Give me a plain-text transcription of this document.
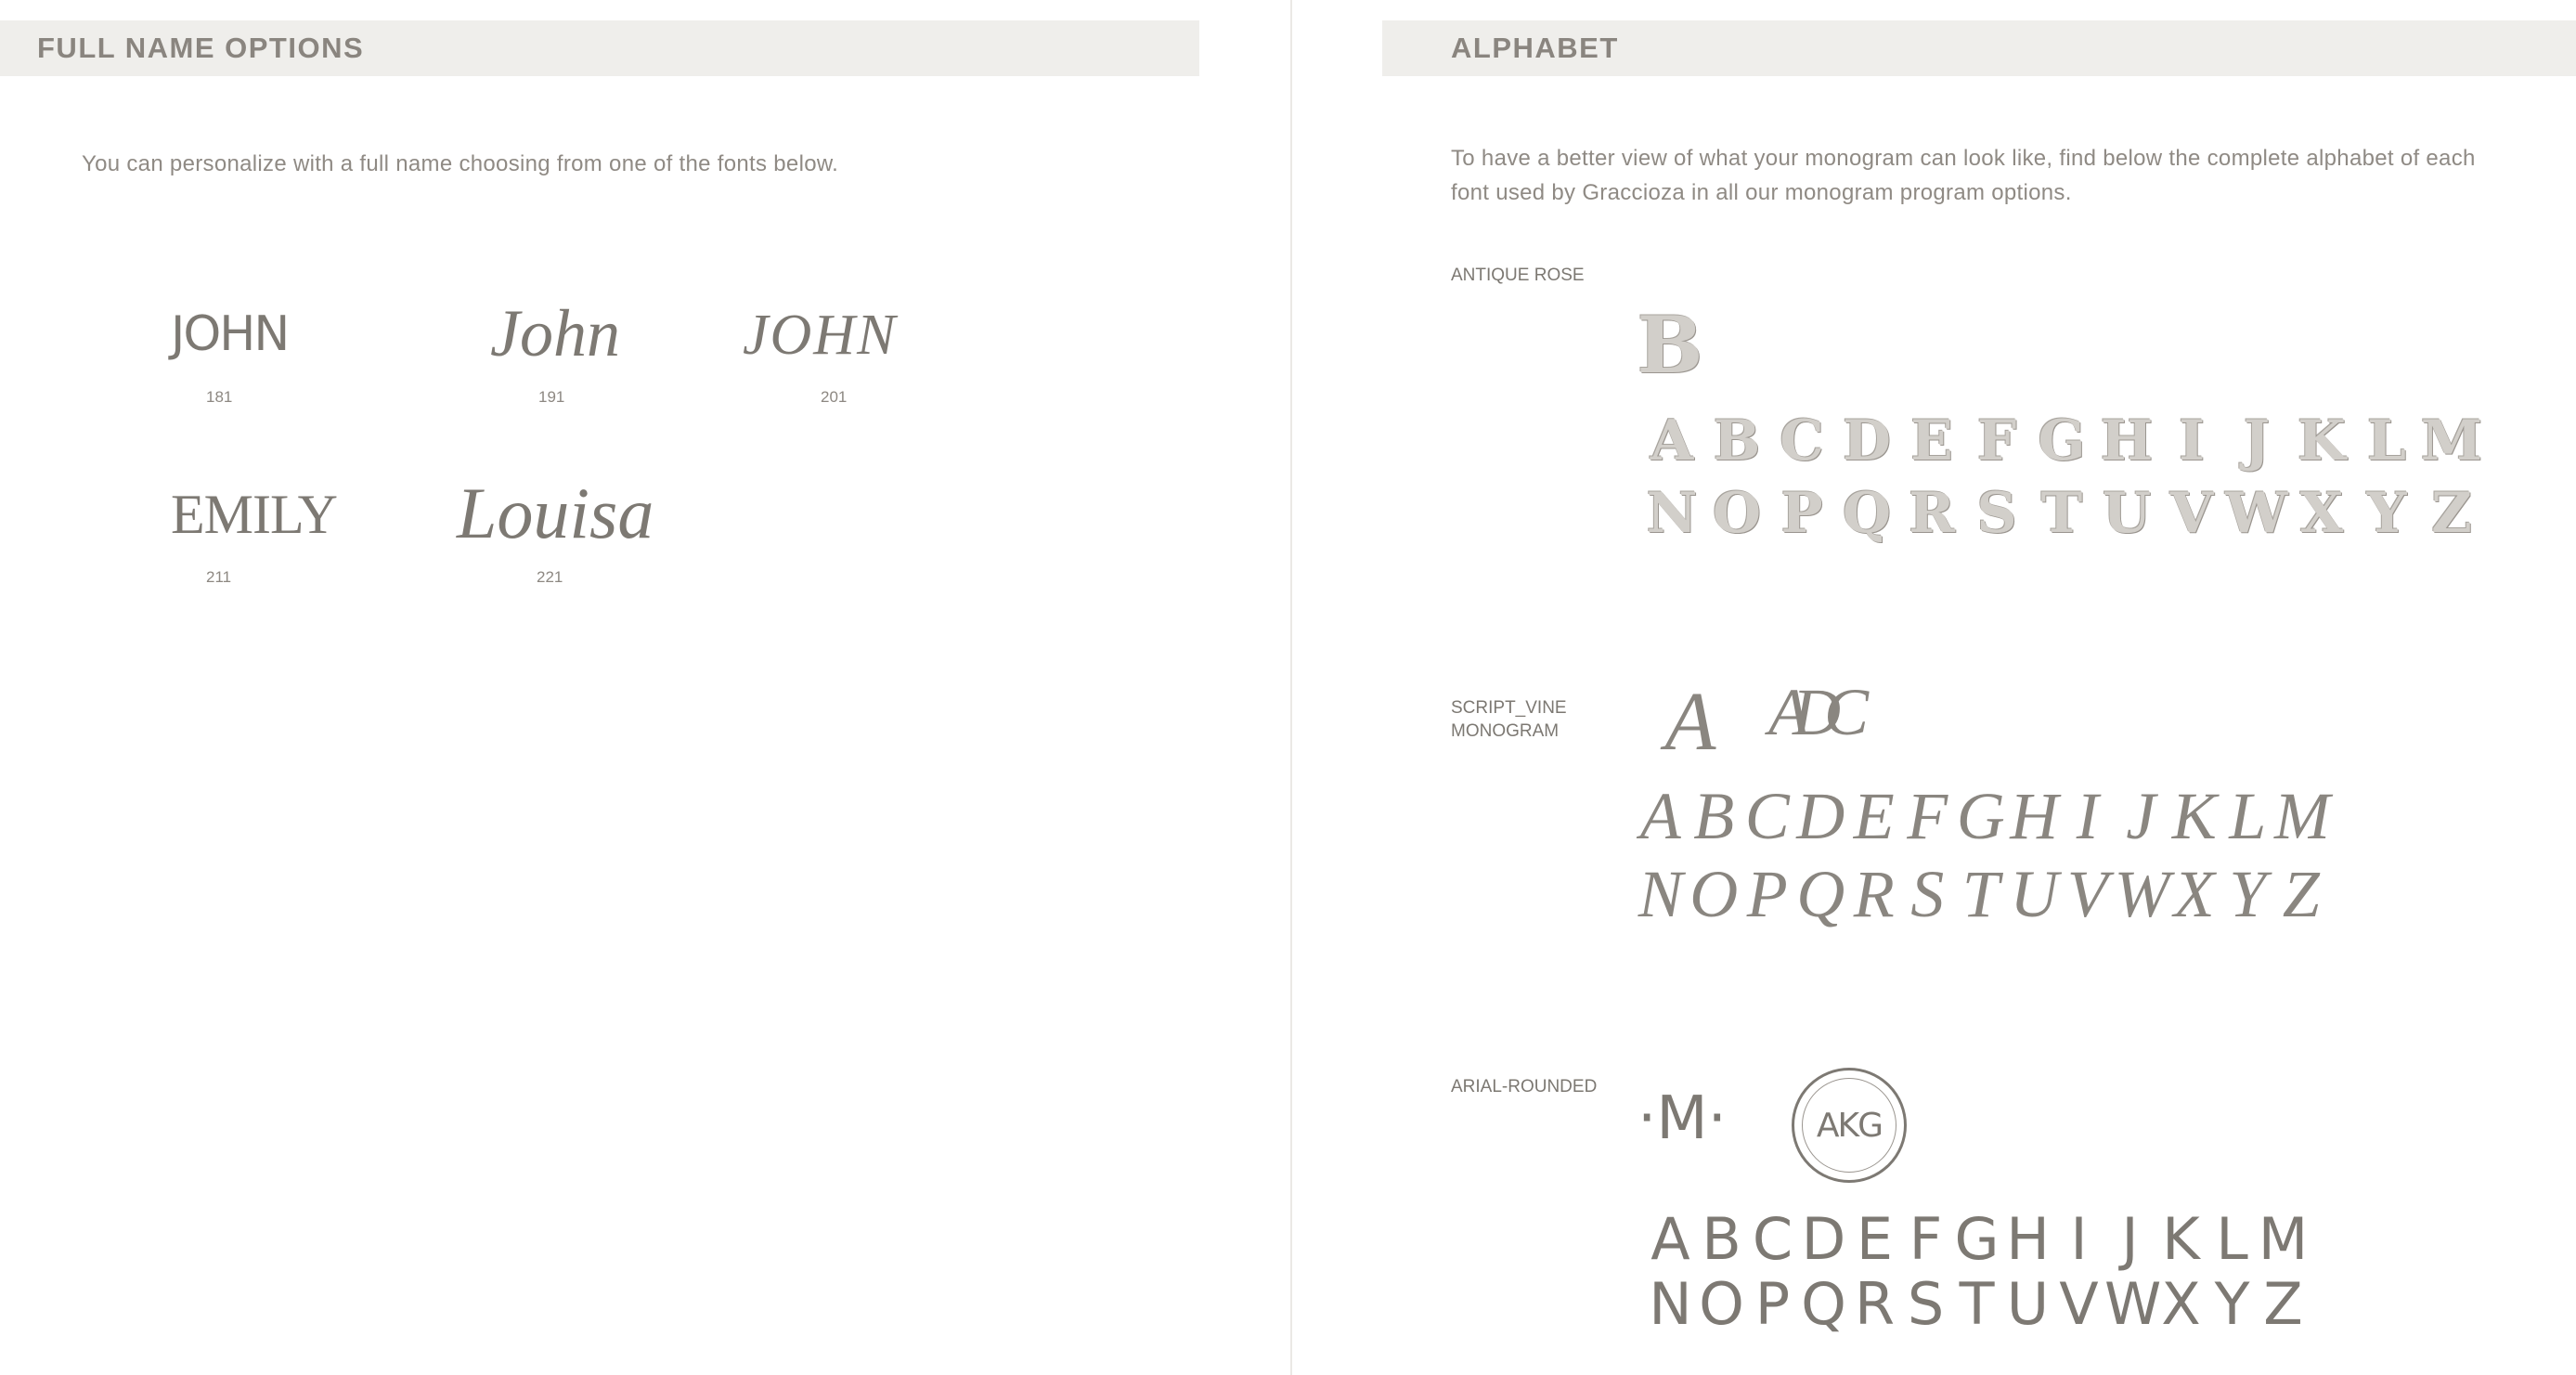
FULL NAME OPTIONS
You can personalize with a full name choosing from one of the fonts below.
JOHN
181
John
191
JOHN
201
EMILY
211
Louisa
221
ALPHABET
To have a better view of what your monogram can look like, find below the complete alphabet of each font used by Graccioza in all our monogram program options.
ANTIQUE ROSE
B
A B C D E F G H I J K L M
N O P Q R S T U V W X Y Z
SCRIPT_VINE
MONOGRAM	A ADC
A B C D E F G H I J K L M
N O P Q R S T U V W X Y Z
ARIAL-ROUNDED ·M·	AKG
A B C D E F G H I J K L M
N O P Q R S T U V W X Y Z
